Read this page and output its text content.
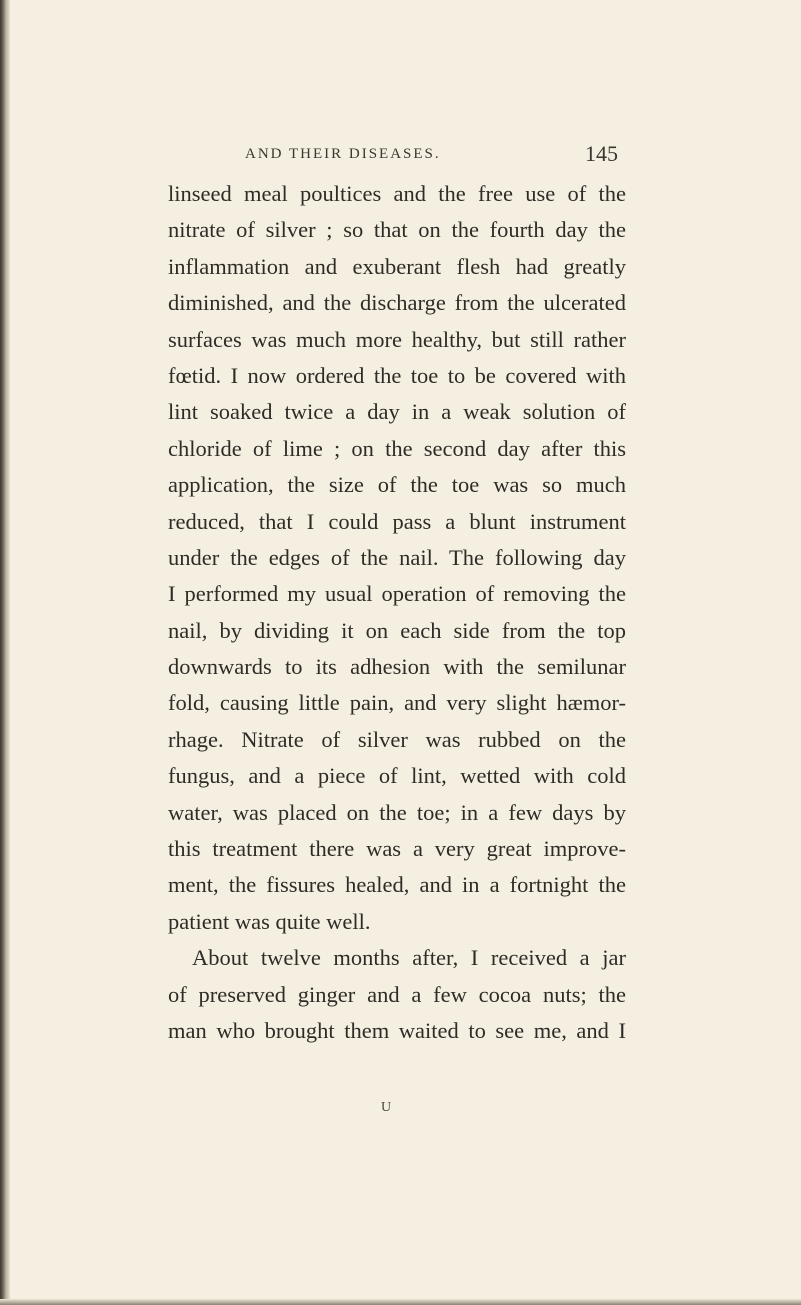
AND THEIR DISEASES.	145
linseed meal poultices and the free use of the
nitrate of silver ; so that on the fourth day the
inflammation and exuberant flesh had greatly
diminished, and the discharge from the ulcerated
surfaces was much more healthy, but still rather
fœtid. I now ordered the toe to be covered with
lint soaked twice a day in a weak solution of
chloride of lime ; on the second day after this
application, the size of the toe was so much
reduced, that I could pass a blunt instrument
under the edges of the nail. The following day
I performed my usual operation of removing the
nail, by dividing it on each side from the top
downwards to its adhesion with the semilunar
fold, causing little pain, and very slight hæmor-
rhage. Nitrate of silver was rubbed on the
fungus, and a piece of lint, wetted with cold
water, was placed on the toe; in a few days by
this treatment there was a very great improve-
ment, the fissures healed, and in a fortnight the
patient was quite well.
About twelve months after, I received a jar
of preserved ginger and a few cocoa nuts; the
man who brought them waited to see me, and I
U
